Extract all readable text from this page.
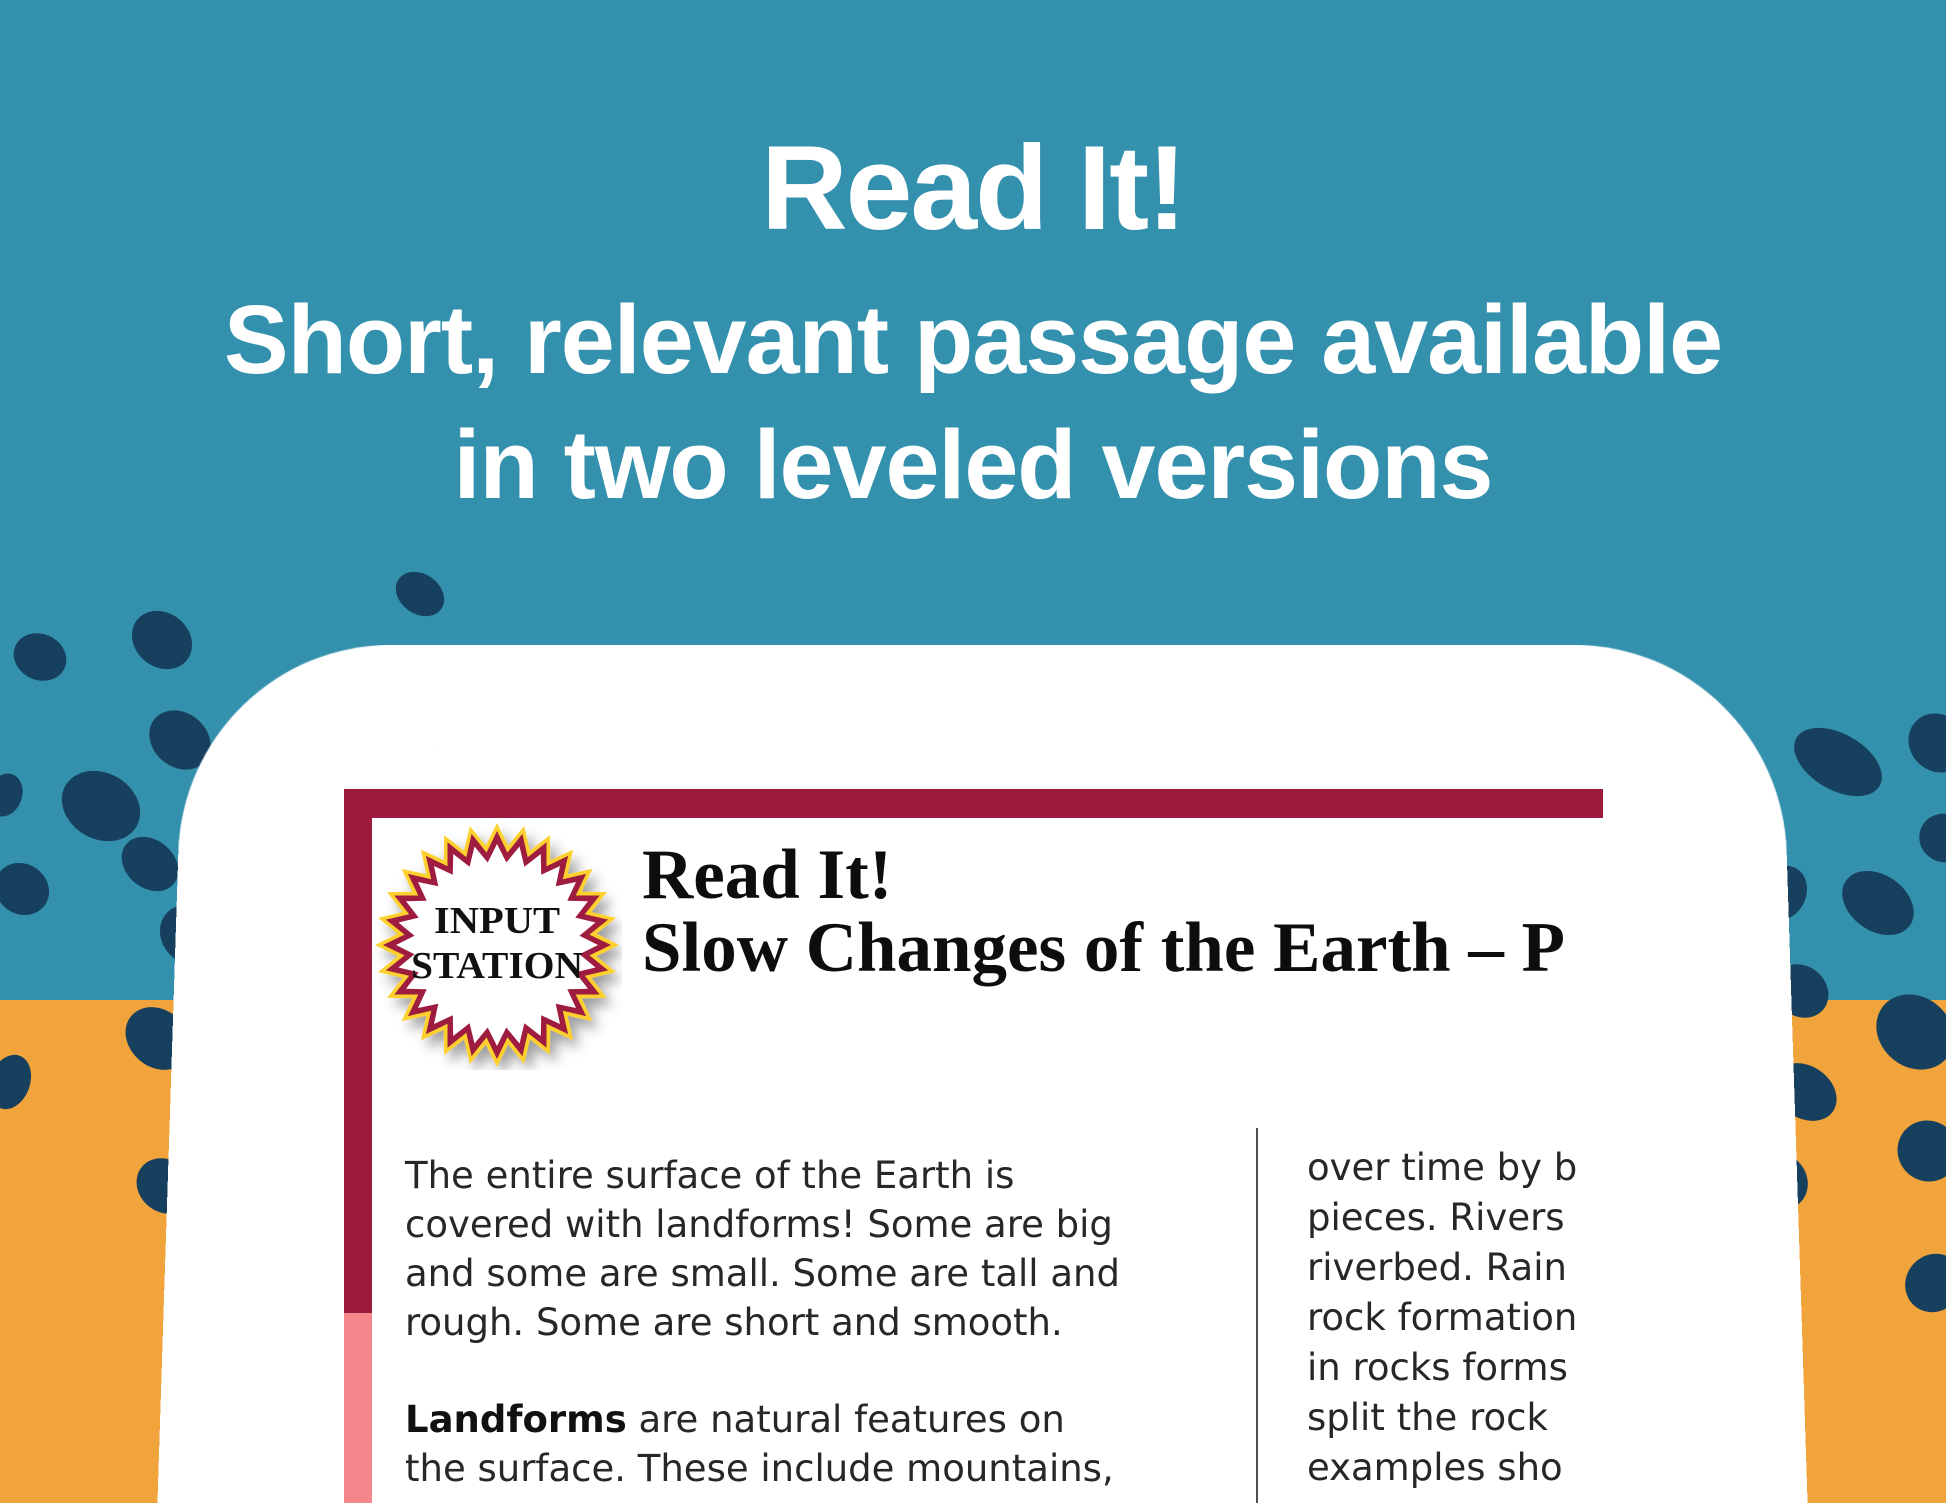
Read It!
Short, relevant passage available
in two leveled versions
INPUT
STATION
Read It!
Slow Changes of the Earth – P
The entire surface of the Earth is
covered with landforms! Some are big
and some are small. Some are tall and
rough. Some are short and smooth.
Landforms are natural features on
the surface. These include mountains,
over time by b
pieces. Rivers
riverbed. Rain
rock formation
in rocks forms
split the rock
examples sho
